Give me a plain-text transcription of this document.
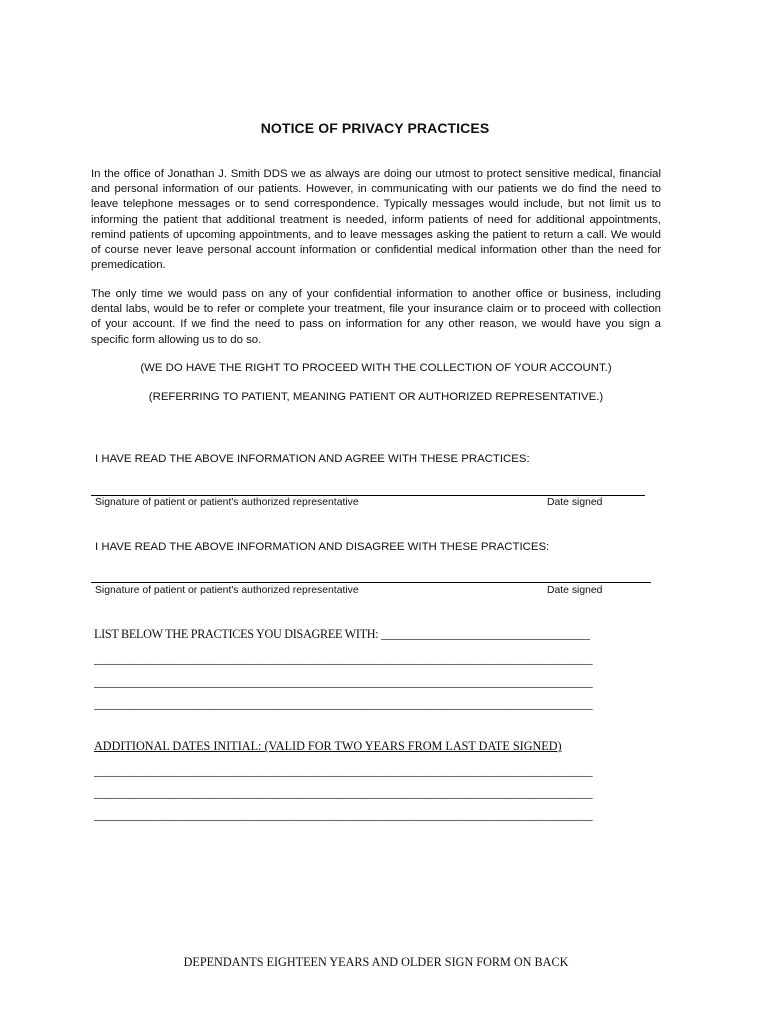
NOTICE OF PRIVACY PRACTICES

In the office of Jonathan J. Smith DDS we as always are doing our utmost to protect sensitive medical, financial and personal information of our patients. However, in communicating with our patients we do find the need to leave telephone messages or to send correspondence. Typically messages would include, but not limit us to informing the patient that additional treatment is needed, inform patients of need for additional appointments, remind patients of upcoming appointments, and to leave messages asking the patient to return a call. We would of course never leave personal account information or confidential medical information other than the need for premedication.

The only time we would pass on any of your confidential information to another office or business, including dental labs, would be to refer or complete your treatment, file your insurance claim or to proceed with collection of your account. If we find the need to pass on information for any other reason, we would have you sign a specific form allowing us to do so.

(WE DO HAVE THE RIGHT TO PROCEED WITH THE COLLECTION OF YOUR ACCOUNT.)
(REFERRING TO PATIENT, MEANING PATIENT OR AUTHORIZED REPRESENTATIVE.)
I HAVE READ THE ABOVE INFORMATION AND AGREE WITH THESE PRACTICES:
Signature of patient or patient's authorized representative	Date signed
I HAVE READ THE ABOVE INFORMATION AND DISAGREE WITH THESE PRACTICES:
Signature of patient or patient's authorized representative	Date signed
LIST BELOW THE PRACTICES YOU DISAGREE WITH: ____________________________________
______________________________________________________________________________________
______________________________________________________________________________________
______________________________________________________________________________________
ADDITIONAL DATES INITIAL: (VALID FOR TWO YEARS FROM LAST DATE SIGNED)
______________________________________________________________________________________
______________________________________________________________________________________
______________________________________________________________________________________
DEPENDANTS EIGHTEEN YEARS AND OLDER SIGN FORM ON BACK
